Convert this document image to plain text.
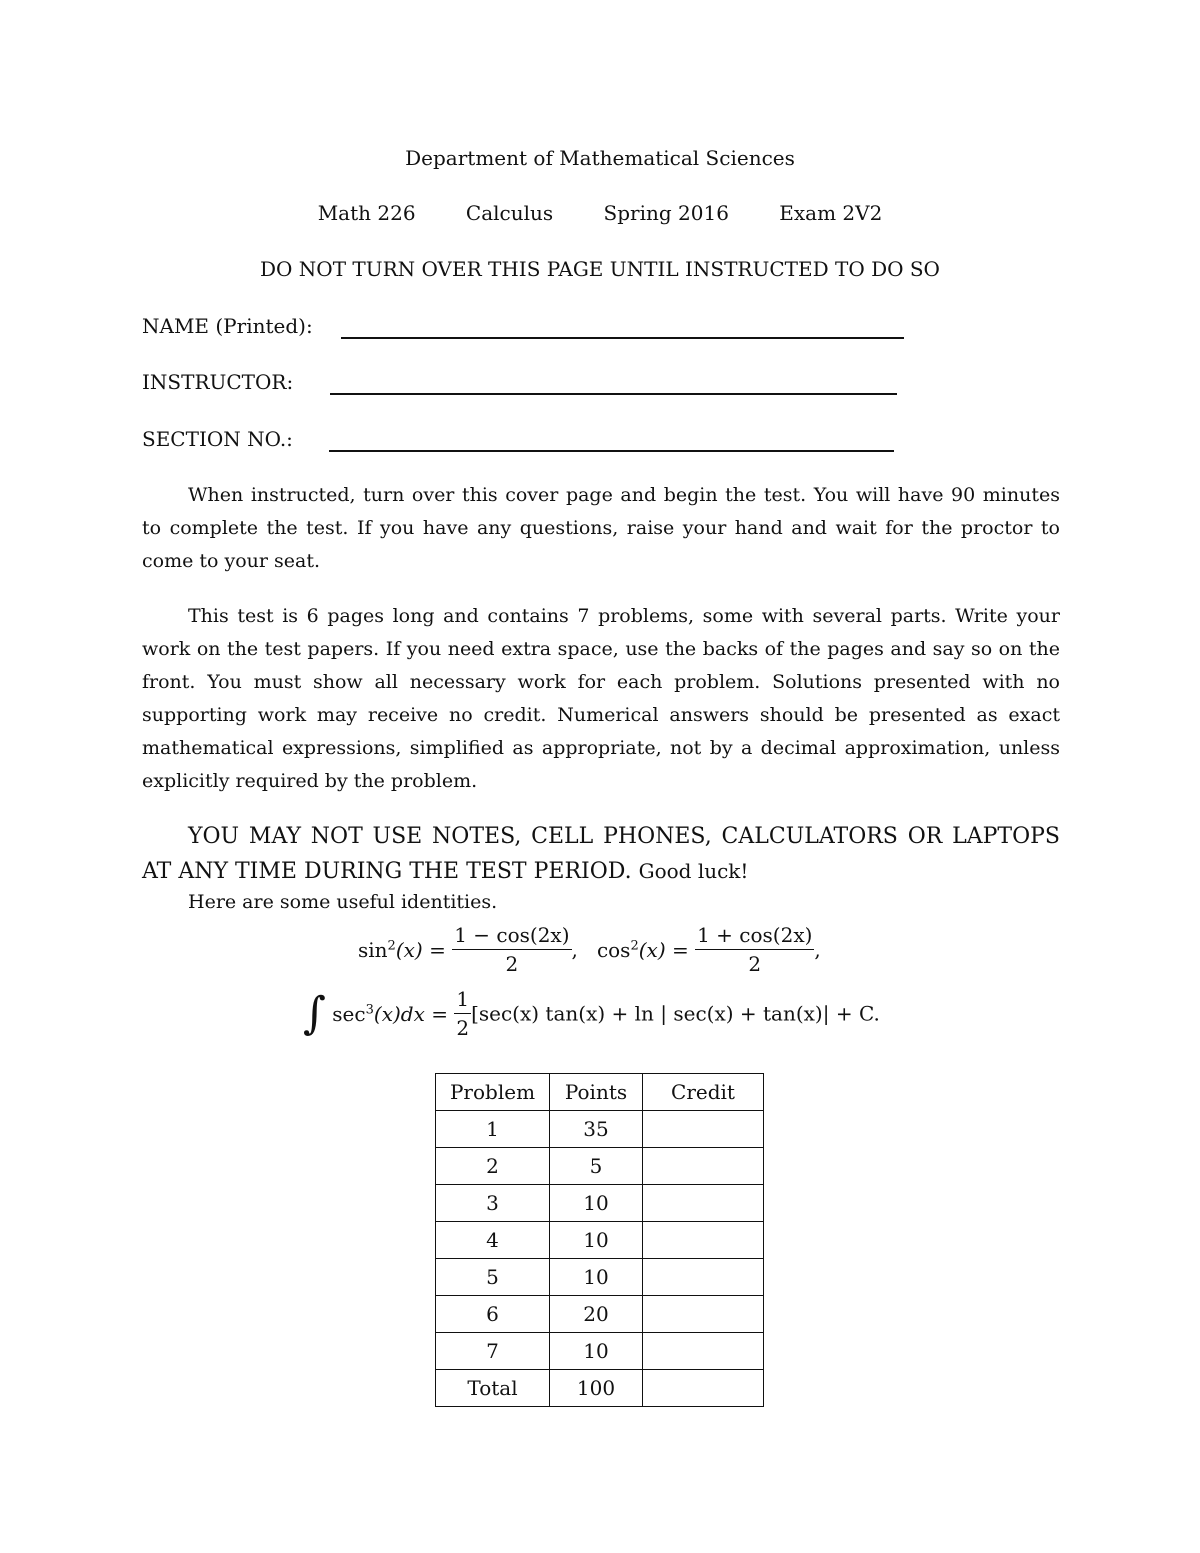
Department of Mathematical Sciences
Math 226	Calculus	Spring 2016	Exam 2V2
DO NOT TURN OVER THIS PAGE UNTIL INSTRUCTED TO DO SO
NAME (Printed):
INSTRUCTOR:
SECTION NO.:
When instructed, turn over this cover page and begin the test. You will have 90 minutes to complete the test. If you have any questions, raise your hand and wait for the proctor to come to your seat.
This test is 6 pages long and contains 7 problems, some with several parts. Write your work on the test papers. If you need extra space, use the backs of the pages and say so on the front. You must show all necessary work for each problem. Solutions presented with no supporting work may receive no credit. Numerical answers should be presented as exact mathematical expressions, simplified as appropriate, not by a decimal approximation, unless explicitly required by the problem.
YOU MAY NOT USE NOTES, CELL PHONES, CALCULATORS OR LAPTOPS AT ANY TIME DURING THE TEST PERIOD. Good luck!
Here are some useful identities.
$\sin^2(x) = \frac{1 - \cos(2x)}{2}$ ,   $\cos^2(x) = \frac{1 + \cos(2x)}{2}$ ,
∫ $\sec^3(x)dx = \frac{1}{2} [\sec(x) \tan(x) + \ln$ | sec(x) + tan(x)| + C.
Problem	Points	Credit
1	35	
2	5	
3	10	
4	10	
5	10	
6	20	
7	10	
Total	100	
